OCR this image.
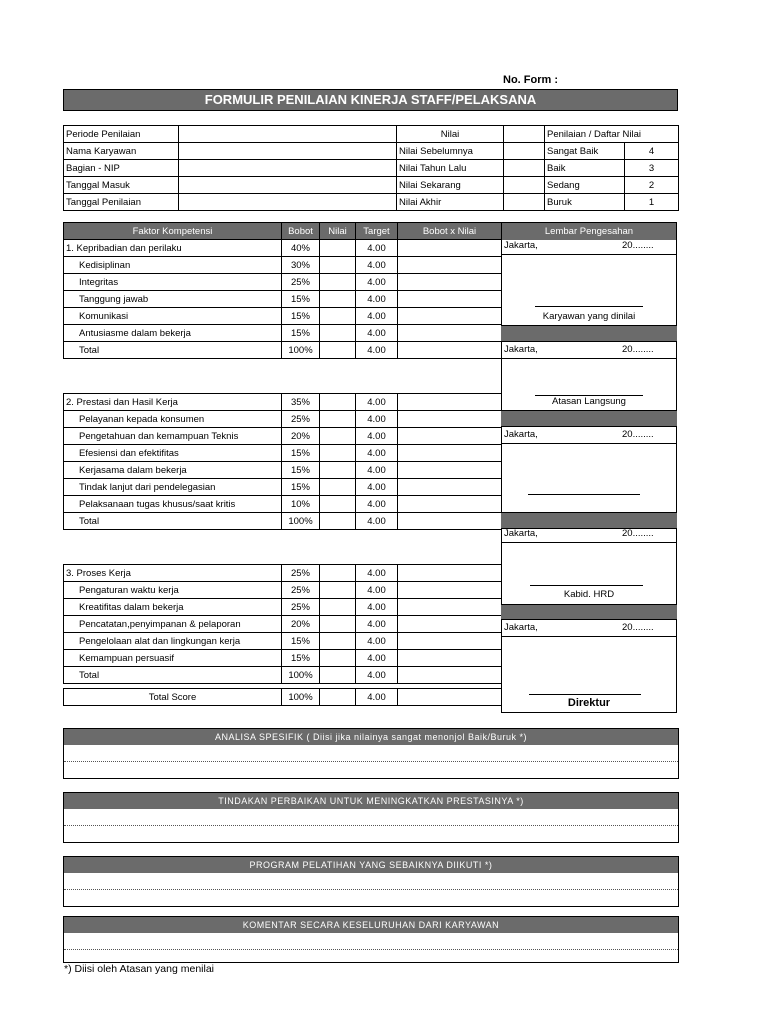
No. Form :
FORMULIR PENILAIAN KINERJA STAFF/PELAKSANA
Periode Penilaian		Nilai		Penilaian / Daftar Nilai	
Nama Karyawan		Nilai Sebelumnya		Sangat Baik	4
Bagian - NIP		Nilai Tahun Lalu		Baik	3
Tanggal Masuk		Nilai Sekarang		Sedang	2
Tanggal Penilaian		Nilai Akhir		Buruk	1
Faktor Kompetensi	Bobot	Nilai	Target	Bobot x Nilai
1. Kepribadian dan perilaku	40%		4.00	
Kedisiplinan	30%		4.00	
Integritas	25%		4.00	
Tanggung jawab	15%		4.00	
Komunikasi	15%		4.00	
Antusiasme dalam bekerja	15%		4.00	
Total	100%		4.00	

2. Prestasi dan Hasil Kerja	35%		4.00	
Pelayanan kepada konsumen	25%		4.00	
Pengetahuan dan kemampuan Teknis	20%		4.00	
Efesiensi dan efektifitas	15%		4.00	
Kerjasama dalam bekerja	15%		4.00	
Tindak lanjut dari pendelegasian	15%		4.00	
Pelaksanaan tugas khusus/saat kritis	10%		4.00	
Total	100%		4.00	

3. Proses Kerja	25%		4.00	
Pengaturan waktu kerja	25%		4.00	
Kreatifitas dalam bekerja	25%		4.00	
Pencatatan,penyimpanan & pelaporan	20%		4.00	
Pengelolaan alat dan lingkungan kerja	15%		4.00	
Kemampuan persuasif	15%		4.00	
Total	100%		4.00	

Total Score	100%		4.00	
Lembar Pengesahan
Jakarta,	20........
Karyawan yang dinilai
Jakarta,	20........
Atasan Langsung
Jakarta,	20........
Jakarta,	20........
Kabid. HRD
Jakarta,	20........
Direktur
ANALISA SPESIFIK ( Diisi jika nilainya sangat menonjol Baik/Buruk *)
TINDAKAN PERBAIKAN UNTUK MENINGKATKAN PRESTASINYA *)
PROGRAM PELATIHAN YANG SEBAIKNYA DIIKUTI *)
KOMENTAR SECARA KESELURUHAN DARI KARYAWAN
*) Diisi oleh Atasan yang menilai
